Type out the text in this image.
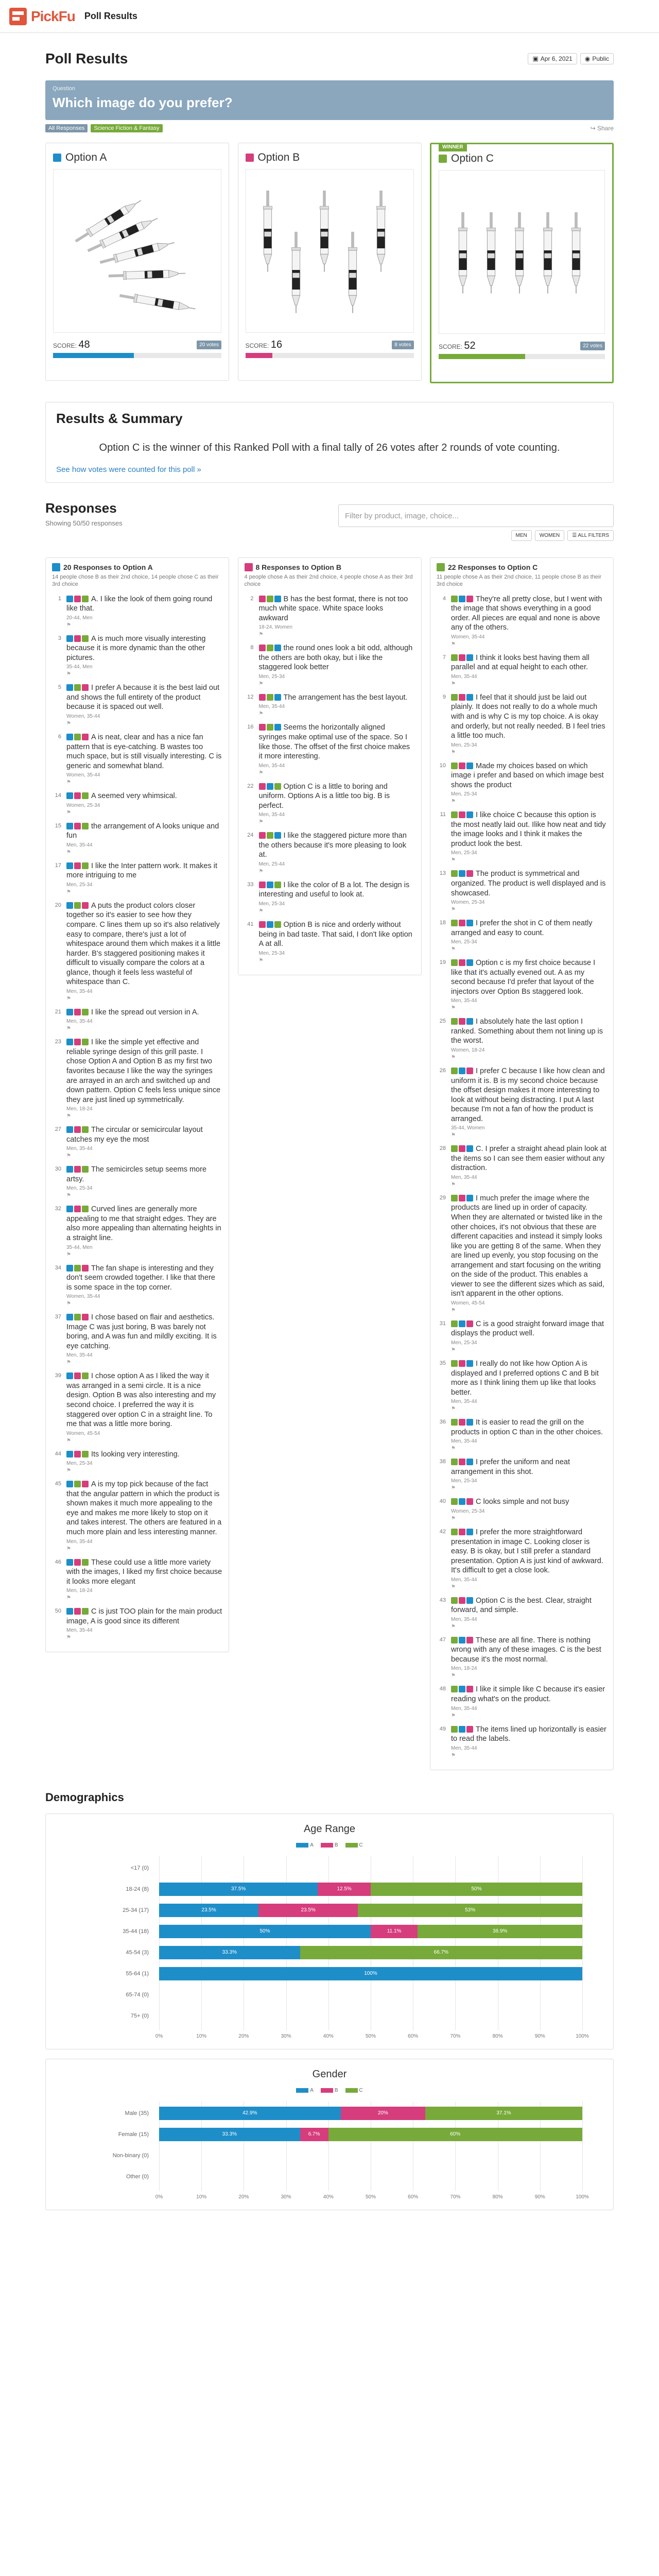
PickFu Poll Results
Poll Results	▣ Apr 6, 2021 ◉ Public
Question
Which image do you prefer?
All Responses	Science Fiction & Fantasy	↪ Share
Option A
SCORE: 48	20 votes
Option B
SCORE: 16	8 votes
WINNER
Option C
SCORE: 52	22 votes
Results & Summary
Option C is the winner of this Ranked Poll with a final tally of 26 votes after 2 rounds of vote counting.
See how votes were counted for this poll »
Responses
Showing 50/50 responses
Filter by product, image, choice...
MEN	WOMEN	☰ ALL FILTERS
20 Responses to Option A
14 people chose B as their 2nd choice, 14 people chose C as their 3rd choice
1	A. I like the look of them going round like that.
20-44, Men
⚑
3	A is much more visually interesting because it is more dynamic than the other pictures.
35-44, Men
⚑
5	I prefer A because it is the best laid out and shows the full entirety of the product because it is spaced out well.
Women, 35-44
⚑
6	A is neat, clear and has a nice fan pattern that is eye-catching. B wastes too much space, but is still visually interesting. C is generic and somewhat bland.
Women, 35-44
⚑
14	A seemed very whimsical.
Women, 25-34
⚑
15	the arrangement of A looks unique and fun
Men, 35-44
⚑
17	I like the Inter pattern work. It makes it more intriguing to me
Men, 25-34
⚑
20	A puts the product colors closer together so it's easier to see how they compare. C lines them up so it's also relatively easy to compare, there's just a lot of whitespace around them which makes it a little harder. B's staggered positioning makes it difficult to visually compare the colors at a glance, though it feels less wasteful of whitespace than C.
Men, 35-44
⚑
21	I like the spread out version in A.
Men, 35-44
⚑
23	I like the simple yet effective and reliable syringe design of this grill paste. I chose Option A and Option B as my first two favorites because I like the way the syringes are arrayed in an arch and switched up and down pattern. Option C feels less unique since they are just lined up symmetrically.
Men, 18-24
⚑
27	The circular or semicircular layout catches my eye the most
Men, 35-44
⚑
30	The semicircles setup seems more artsy.
Men, 25-34
⚑
32	Curved lines are generally more appealing to me that straight edges. They are also more appealing than alternating heights in a straight line.
35-44, Men
⚑
34	The fan shape is interesting and they don't seem crowded together. I like that there is some space in the top corner.
Women, 35-44
⚑
37	I chose based on flair and aesthetics. Image C was just boring, B was barely not boring, and A was fun and mildly exciting. It is eye catching.
Men, 35-44
⚑
39	I chose option A as I liked the way it was arranged in a semi circle. It is a nice design. Option B was also interesting and my second choice. I preferred the way it is staggered over option C in a straight line. To me that was a little more boring.
Women, 45-54
⚑
44	Its looking very interesting.
Men, 25-34
⚑
45	A is my top pick because of the fact that the angular pattern in which the product is shown makes it much more appealing to the eye and makes me more likely to stop on it and takes interest. The others are featured in a much more plain and less interesting manner.
Men, 35-44
⚑
46	These could use a little more variety with the images, I liked my first choice because it looks more elegant
Men, 18-24
⚑
50	C is just TOO plain for the main product image, A is good since its different
Men, 35-44
⚑
8 Responses to Option B
4 people chose A as their 2nd choice, 4 people chose A as their 3rd choice
2	B has the best format, there is not too much white space. White space looks awkward
18-24, Women
⚑
8	the round ones look a bit odd, although the others are both okay, but i like the staggered look better
Men, 25-34
⚑
12	The arrangement has the best layout.
Men, 35-44
⚑
16	Seems the horizontally aligned syringes make optimal use of the space. So I like those. The offset of the first choice makes it more interesting.
Men, 35-44
⚑
22	Option C is a little to boring and uniform. Options A is a little too big. B is perfect.
Men, 35-44
⚑
24	I like the staggered picture more than the others because it's more pleasing to look at.
Men, 25-44
⚑
33	I like the color of B a lot. The design is interesting and useful to look at.
Men, 25-34
⚑
41	Option B is nice and orderly without being in bad taste. That said, I don't like option A at all.
Men, 25-34
⚑
22 Responses to Option C
11 people chose A as their 2nd choice, 11 people chose B as their 3rd choice
4	They're all pretty close, but I went with the image that shows everything in a good order. All pieces are equal and none is above any of the others.
Women, 35-44
⚑
7	I think it looks best having them all parallel and at equal height to each other.
Men, 35-44
⚑
9	I feel that it should just be laid out plainly. It does not really to do a whole much with and is why C is my top choice. A is okay and orderly, but not really needed. B I feel tries a little too much.
Men, 25-34
⚑
10	Made my choices based on which image i prefer and based on which image best shows the product
Men, 25-34
⚑
11	I like choice C because this option is the most neatly laid out. Ilike how neat and tidy the image looks and I think it makes the product look the best.
Men, 25-34
⚑
13	The product is symmetrical and organized. The product is well displayed and is showcased.
Women, 25-34
⚑
18	I prefer the shot in C of them neatly arranged and easy to count.
Men, 25-34
⚑
19	Option c is my first choice because I like that it's actually evened out. A as my second because I'd prefer that layout of the injectors over Option Bs staggered look.
Men, 35-44
⚑
25	I absolutely hate the last option I ranked. Something about them not lining up is the worst.
Women, 18-24
⚑
26	I prefer C because I like how clean and uniform it is. B is my second choice because the offset design makes it more interesting to look at without being distracting. I put A last because I'm not a fan of how the product is arranged.
35-44, Women
⚑
28	C. I prefer a straight ahead plain look at the items so I can see them easier without any distraction.
Men, 35-44
⚑
29	I much prefer the image where the products are lined up in order of capacity. When they are alternated or twisted like in the other choices, it's not obvious that these are different capacities and instead it simply looks like you are getting 8 of the same. When they are lined up evenly, you stop focusing on the arrangement and start focusing on the writing on the side of the product. This enables a viewer to see the different sizes which as said, isn't apparent in the other options.
Women, 45-54
⚑
31	C is a good straight forward image that displays the product well.
Men, 25-34
⚑
35	I really do not like how Option A is displayed and I preferred options C and B bit more as I think lining them up like that looks better.
Men, 35-44
⚑
36	It is easier to read the grill on the products in option C than in the other choices.
Men, 35-44
⚑
38	I prefer the uniform and neat arrangement in this shot.
Men, 25-34
⚑
40	C looks simple and not busy
Women, 25-34
⚑
42	I prefer the more straightforward presentation in image C. Looking closer is easy. B is okay, but I still prefer a standard presentation. Option A is just kind of awkward. It's difficult to get a close look.
Men, 35-44
⚑
43	Option C is the best. Clear, straight forward, and simple.
Men, 35-44
⚑
47	These are all fine. There is nothing wrong with any of these images. C is the best because it's the most normal.
Men, 18-24
⚑
48	I like it simple like C because it's easier reading what's on the product.
Men, 35-44
⚑
49	The items lined up horizontally is easier to read the labels.
Men, 35-44
⚑
Demographics
Age Range
A	B	C
0%	10%	20%	30%	40%	50%	60%	70%	80%	90%	100%
<17 (0)
18-24 (8)	37.5%	12.5%	50%
25-34 (17)	23.5%	23.5%	53%
35-44 (18)	50%	11.1%	38.9%
45-54 (3)	33.3%	66.7%
55-64 (1)	100%
65-74 (0)
75+ (0)
Gender
A	B	C
0%	10%	20%	30%	40%	50%	60%	70%	80%	90%	100%
Male (35)	42.9%	20%	37.1%
Female (15)	33.3%	6.7%	60%
Non-binary (0)
Other (0)
